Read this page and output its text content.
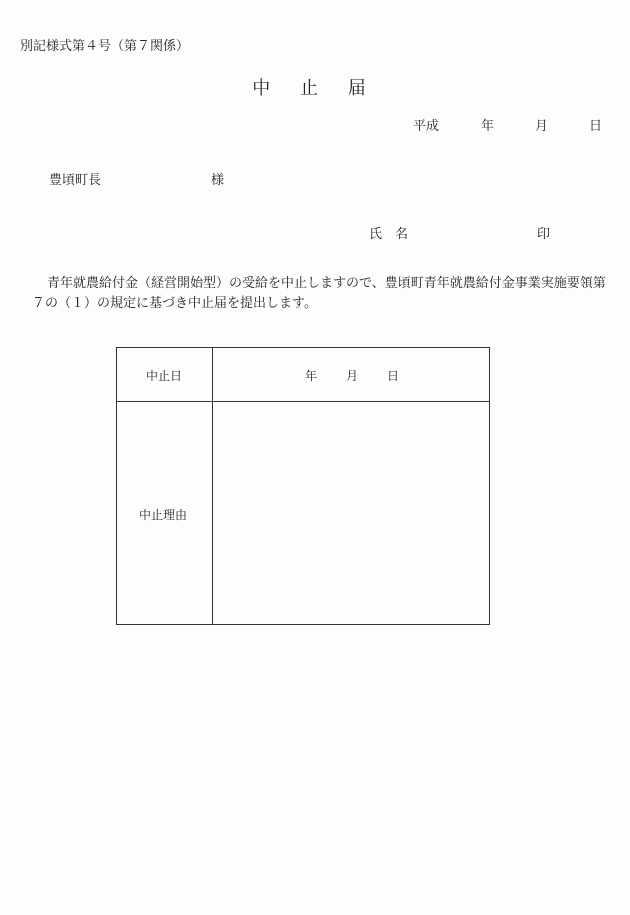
別記様式第４号（第７関係）
中 止 届
平成	年	月	日
豊頃町長	様
氏　名	印
青年就農給付金（経営開始型）の受給を中止しますので、豊頃町青年就農給付金事業実施要領第７の（１）の規定に基づき中止届を提出します。
中止日	年 月 日
中止理由
